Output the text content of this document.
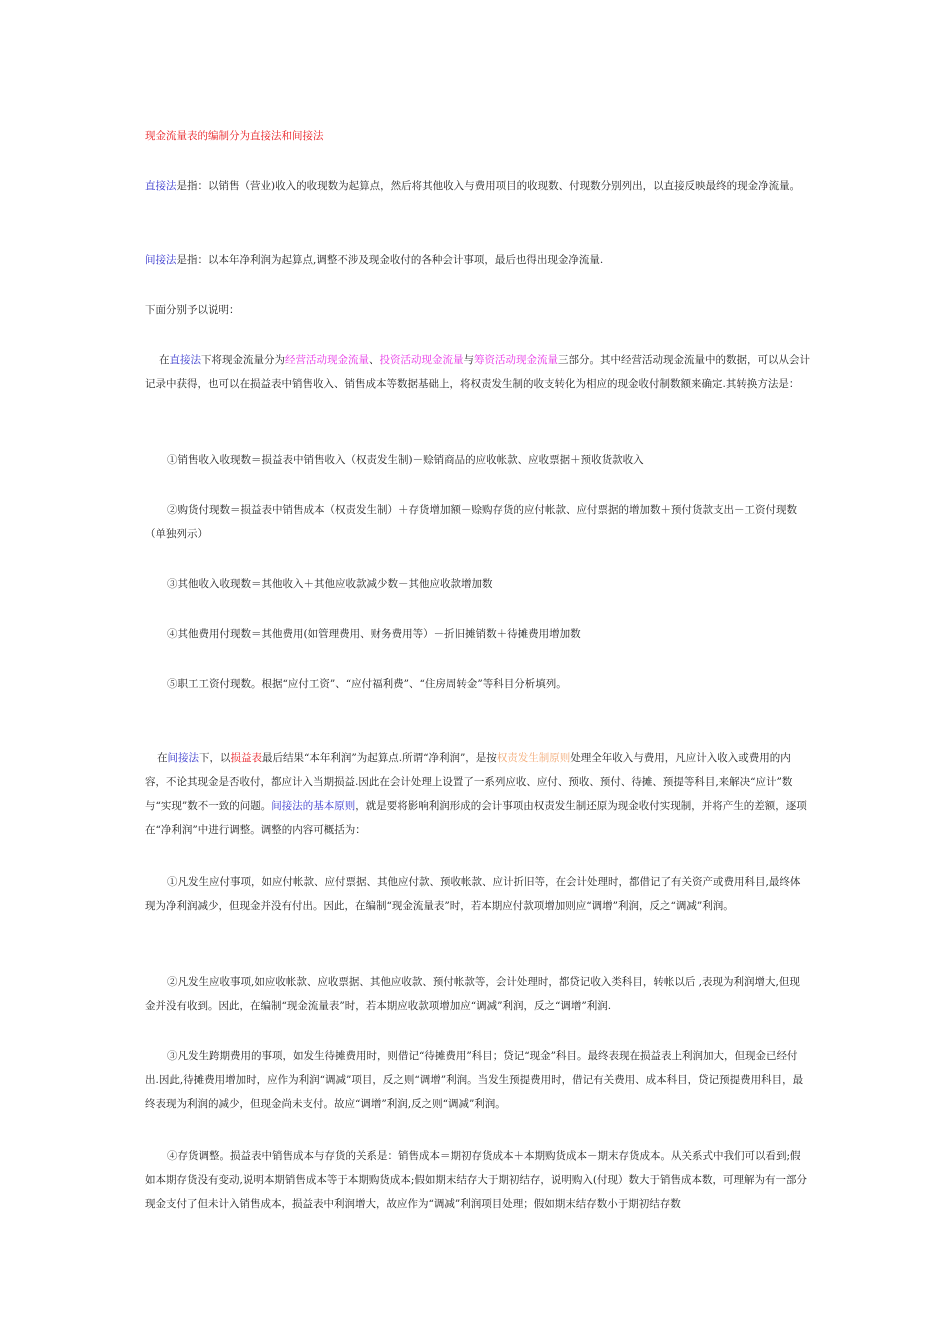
现金流量表的编制分为直接法和间接法

直接法是指：以销售（营业)收入的收现数为起算点，然后将其他收入与费用项目的收现数、付现数分别列出，以直接反映最终的现金净流量。

间接法是指：以本年净利润为起算点,调整不涉及现金收付的各种会计事项，最后也得出现金净流量.

下面分别予以说明：

在直接法下将现金流量分为经营活动现金流量、投资活动现金流量与筹资活动现金流量三部分。其中经营活动现金流量中的数据，可以从会计记录中获得，也可以在损益表中销售收入、销售成本等数据基础上，将权责发生制的收支转化为相应的现金收付制数额来确定.其转换方法是：

①销售收入收现数＝损益表中销售收入（权责发生制)－赊销商品的应收帐款、应收票据＋预收货款收入

②购货付现数＝损益表中销售成本（权责发生制）＋存货增加额－赊购存货的应付帐款、应付票据的增加数＋预付货款支出－工资付现数（单独列示）

③其他收入收现数＝其他收入＋其他应收款减少数－其他应收款增加数

④其他费用付现数＝其他费用(如管理费用、财务费用等）－折旧摊销数＋待摊费用增加数

⑤职工工资付现数。根据“应付工资”、“应付福利费”、“住房周转金”等科目分析填列。

在间接法下，以损益表最后结果“本年利润”为起算点.所谓“净利润”，是按权责发生制原则处理全年收入与费用，凡应计入收入或费用的内容，不论其现金是否收付，都应计入当期损益.因此在会计处理上设置了一系列应收、应付、预收、预付、待摊、预提等科目,来解决“应计”数与“实现”数不一致的问题。间接法的基本原则，就是要将影响利润形成的会计事项由权责发生制还原为现金收付实现制，并将产生的差额，逐项在“净利润”中进行调整。调整的内容可概括为：

①凡发生应付事项，如应付帐款、应付票据、其他应付款、预收帐款、应计折旧等，在会计处理时，都借记了有关资产或费用科目,最终体现为净利润减少，但现金并没有付出。因此，在编制“现金流量表”时，若本期应付款项增加则应“调增”利润，反之“调减”利润。

②凡发生应收事项,如应收帐款、应收票据、其他应收款、预付帐款等，会计处理时，都贷记收入类科目，转帐以后 ,表现为利润增大,但现金并没有收到。因此，在编制“现金流量表”时，若本期应收款项增加应“调减”利润，反之“调增”利润.

③凡发生跨期费用的事项，如发生待摊费用时，则借记“待摊费用”科目；贷记“现金”科目。最终表现在损益表上利润加大，但现金已经付出.因此,待摊费用增加时，应作为利润“调减”项目，反之则“调增”利润。当发生预提费用时，借记有关费用、成本科目，贷记预提费用科目，最终表现为利润的减少，但现金尚未支付。故应“调增”利润,反之则“调减”利润。

④存货调整。损益表中销售成本与存货的关系是：销售成本＝期初存货成本＋本期购货成本－期末存货成本。从关系式中我们可以看到;假如本期存货没有变动,说明本期销售成本等于本期购货成本;假如期末结存大于期初结存，说明购入(付现）数大于销售成本数，可理解为有一部分现金支付了但未计入销售成本，损益表中利润增大，故应作为“调减”利润项目处理；假如期末结存数小于期初结存数
